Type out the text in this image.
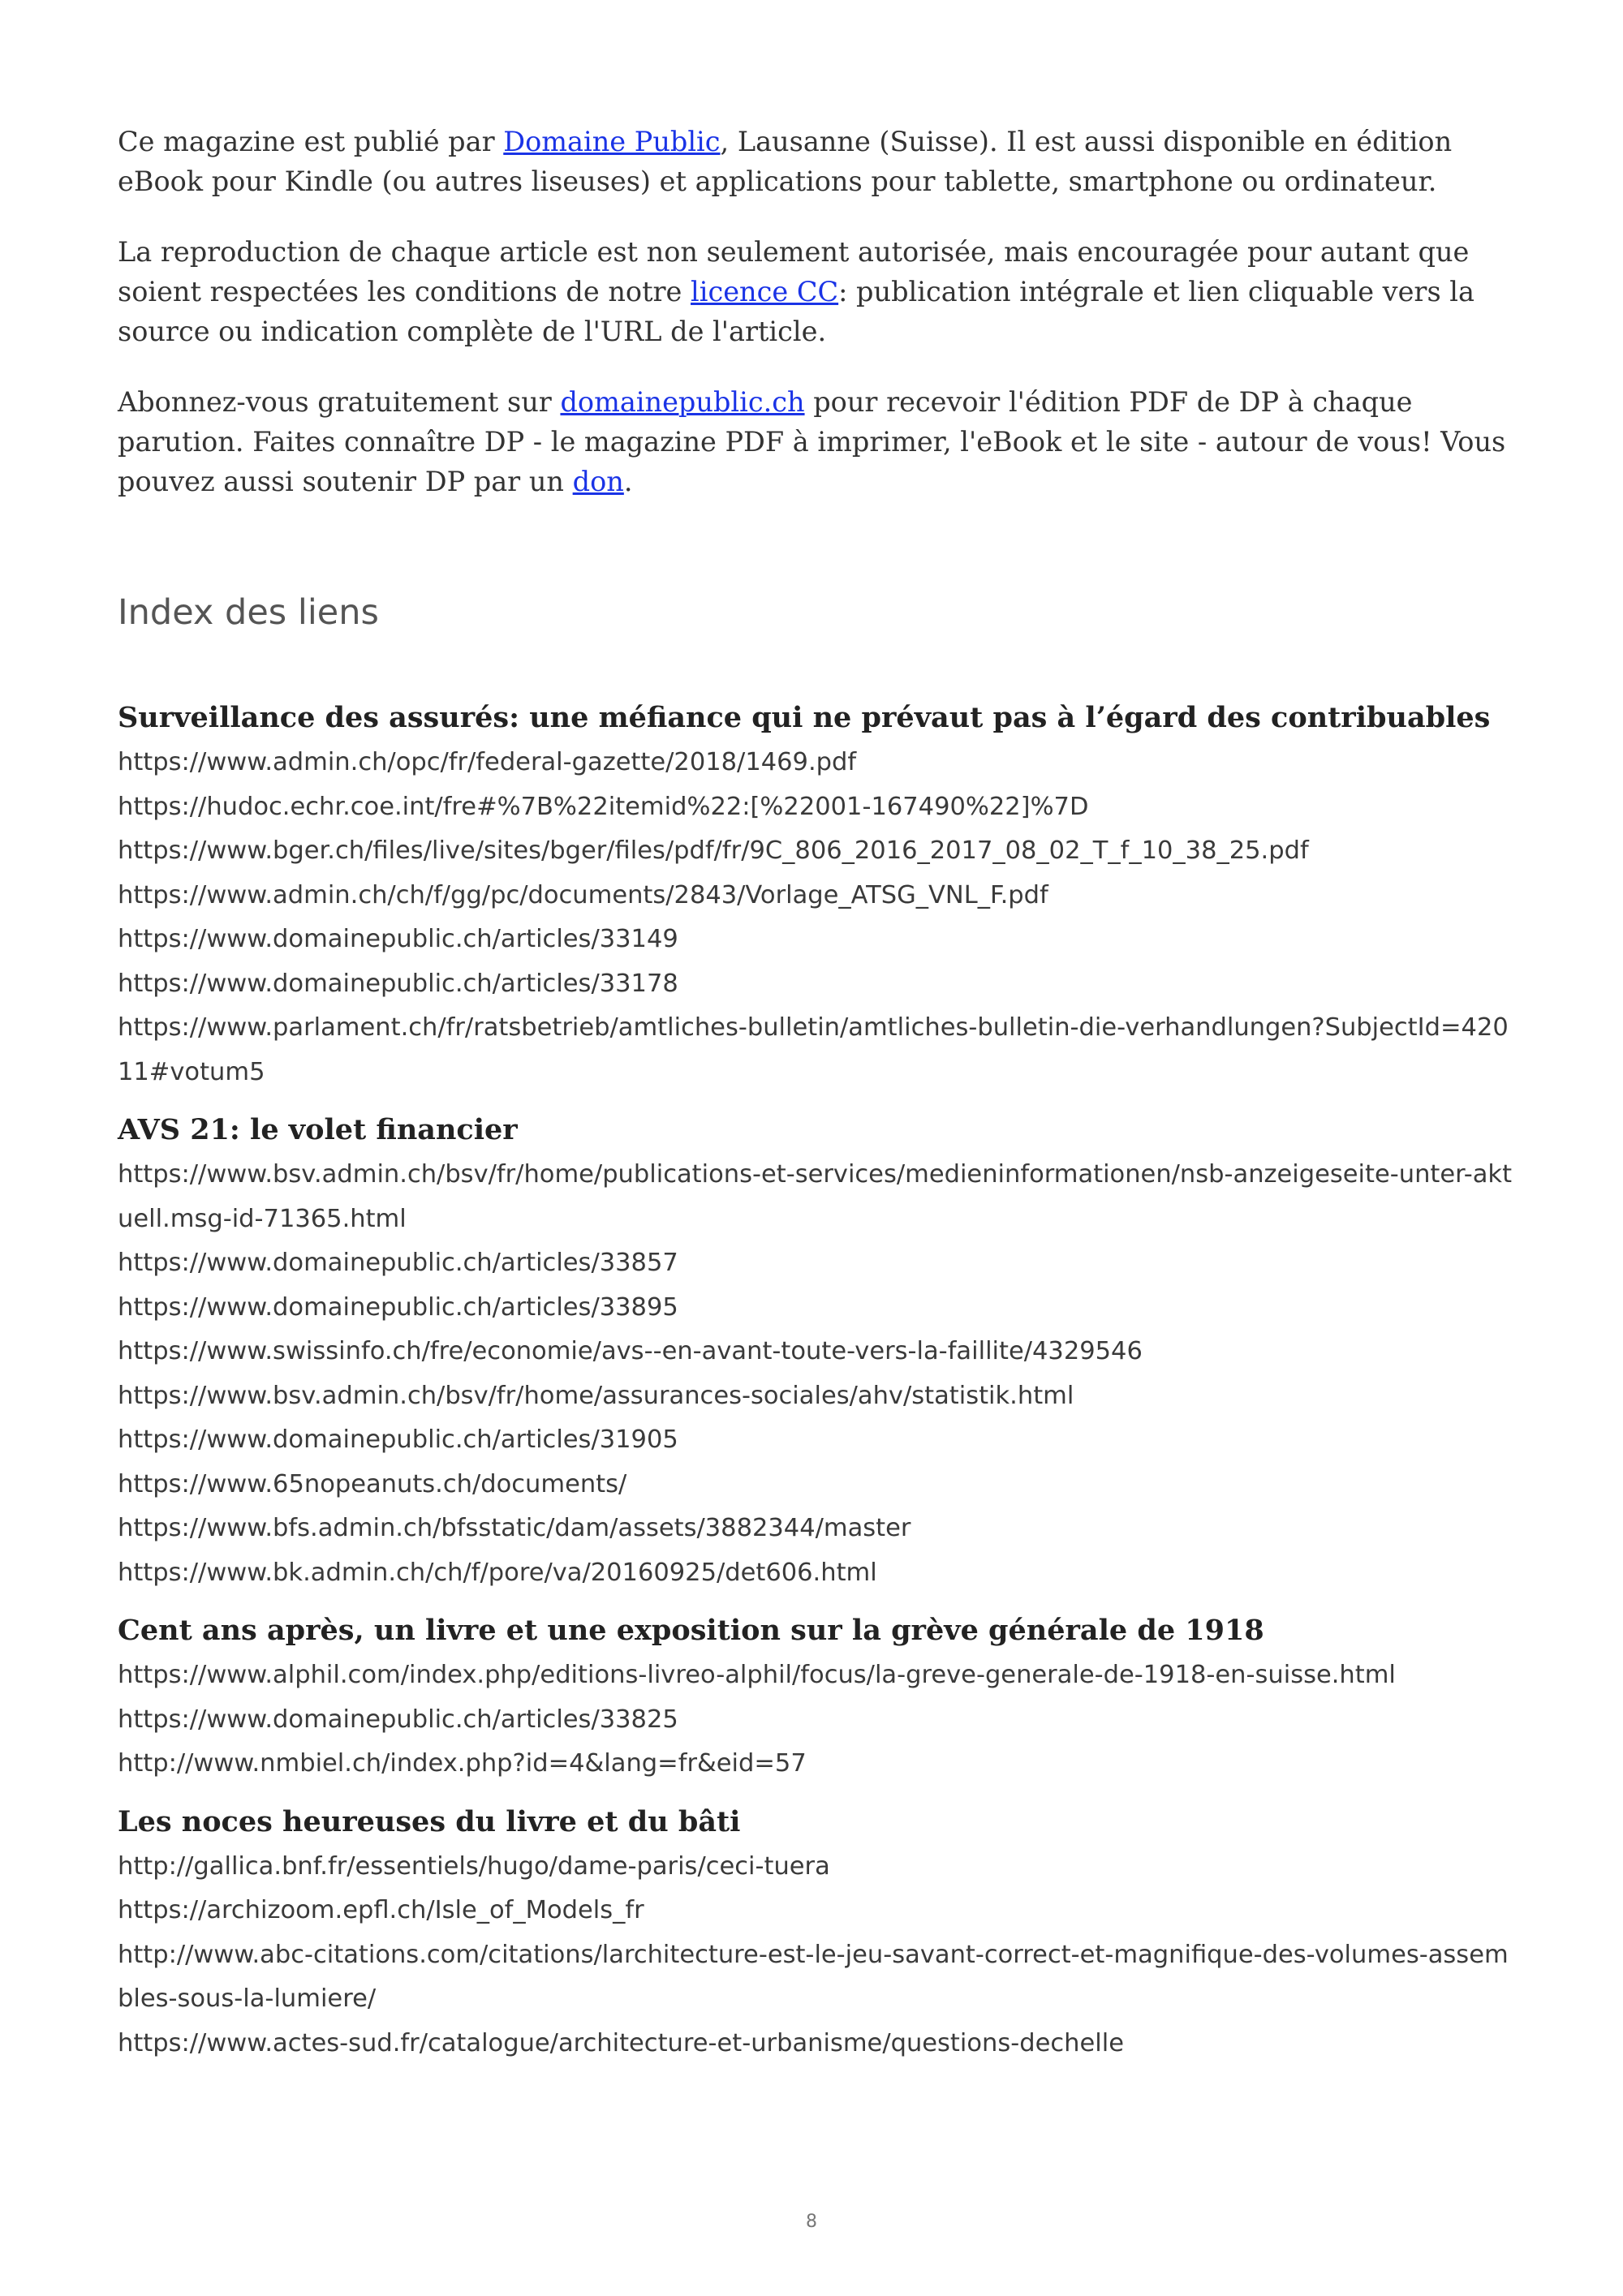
Ce magazine est publié par Domaine Public, Lausanne (Suisse). Il est aussi disponible en édition eBook pour Kindle (ou autres liseuses) et applications pour tablette, smartphone ou ordinateur.

La reproduction de chaque article est non seulement autorisée, mais encouragée pour autant que soient respectées les conditions de notre licence CC: publication intégrale et lien cliquable vers la source ou indication complète de l'URL de l'article.

Abonnez-vous gratuitement sur domainepublic.ch pour recevoir l'édition PDF de DP à chaque parution. Faites connaître DP - le magazine PDF à imprimer, l'eBook et le site - autour de vous! Vous pouvez aussi soutenir DP par un don.

Index des liens
Surveillance des assurés: une méfiance qui ne prévaut pas à l’égard des contribuables
https://www.admin.ch/opc/fr/federal-gazette/2018/1469.pdf
https://hudoc.echr.coe.int/fre#%7B%22itemid%22:[%22001-167490%22]%7D
https://www.bger.ch/files/live/sites/bger/files/pdf/fr/9C_806_2016_2017_08_02_T_f_10_38_25.pdf
https://www.admin.ch/ch/f/gg/pc/documents/2843/Vorlage_ATSG_VNL_F.pdf
https://www.domainepublic.ch/articles/33149
https://www.domainepublic.ch/articles/33178
https://www.parlament.ch/fr/ratsbetrieb/amtliches-bulletin/amtliches-bulletin-die-verhandlungen?SubjectId=42011#votum5
AVS 21: le volet financier
https://www.bsv.admin.ch/bsv/fr/home/publications-et-services/medieninformationen/nsb-anzeigeseite-unter-aktuell.msg-id-71365.html
https://www.domainepublic.ch/articles/33857
https://www.domainepublic.ch/articles/33895
https://www.swissinfo.ch/fre/economie/avs--en-avant-toute-vers-la-faillite/4329546
https://www.bsv.admin.ch/bsv/fr/home/assurances-sociales/ahv/statistik.html
https://www.domainepublic.ch/articles/31905
https://www.65nopeanuts.ch/documents/
https://www.bfs.admin.ch/bfsstatic/dam/assets/3882344/master
https://www.bk.admin.ch/ch/f/pore/va/20160925/det606.html
Cent ans après, un livre et une exposition sur la grève générale de 1918
https://www.alphil.com/index.php/editions-livreo-alphil/focus/la-greve-generale-de-1918-en-suisse.html
https://www.domainepublic.ch/articles/33825
http://www.nmbiel.ch/index.php?id=4&lang=fr&eid=57
Les noces heureuses du livre et du bâti
http://gallica.bnf.fr/essentiels/hugo/dame-paris/ceci-tuera
https://archizoom.epfl.ch/Isle_of_Models_fr
http://www.abc-citations.com/citations/larchitecture-est-le-jeu-savant-correct-et-magnifique-des-volumes-assembles-sous-la-lumiere/
https://www.actes-sud.fr/catalogue/architecture-et-urbanisme/questions-dechelle
8
